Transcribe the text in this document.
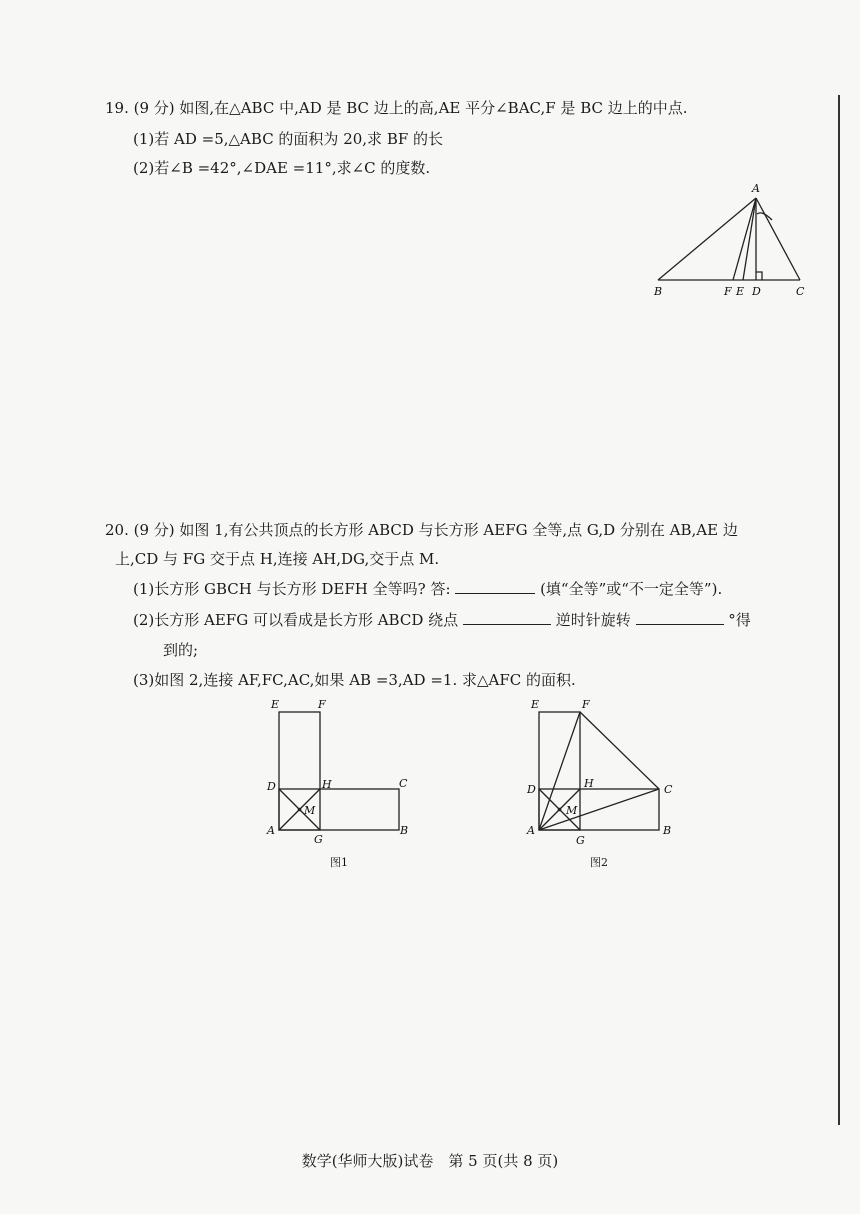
19. (9 分) 如图,在△ABC 中,AD 是 BC 边上的高,AE 平分∠BAC,F 是 BC 边上的中点.
(1)若 AD =5,△ABC 的面积为 20,求 BF 的长
(2)若∠B =42°,∠DAE =11°,求∠C 的度数.
A
B	F E D	C
20. (9 分) 如图 1,有公共顶点的长方形 ABCD 与长方形 AEFG 全等,点 G,D 分别在 AB,AE 边
上,CD 与 FG 交于点 H,连接 AH,DG,交于点 M.
(1)长方形 GBCH 与长方形 DEFH 全等吗? 答:	(填“全等”或“不一定全等”).
(2)长方形 AEFG 可以看成是长方形 ABCD 绕点	逆时针旋转	°得
到的;
(3)如图 2,连接 AF,FC,AC,如果 AB =3,AD =1. 求△AFC 的面积.
E	F
D	H	C
M
A
G
B
图1
E	F
D	H	C
M
A
G
B
图2
数学(华师大版)试卷　第 5 页(共 8 页)
